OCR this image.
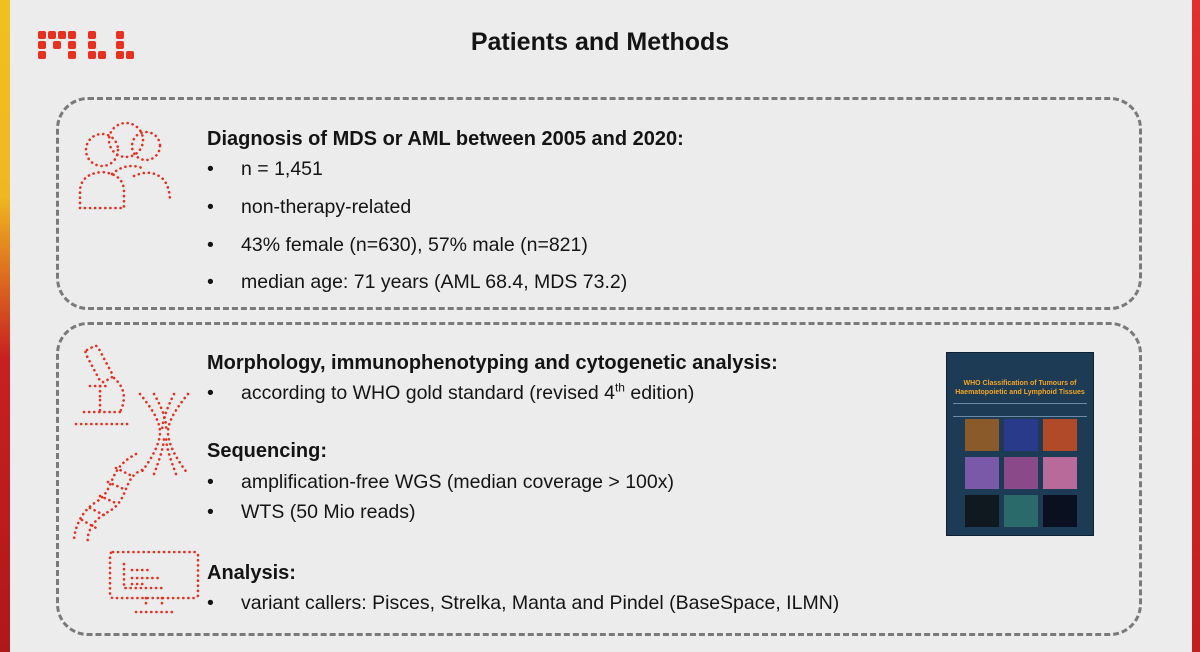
Patients and Methods
Diagnosis of MDS or AML between 2005 and 2020:
• n = 1,451
• non-therapy-related
• 43% female (n=630), 57% male (n=821)
• median age: 71 years (AML 68.4, MDS 73.2)
Morphology, immunophenotyping and cytogenetic analysis:
• according to WHO gold standard (revised 4th edition)
Sequencing:
• amplification-free WGS (median coverage > 100x)
• WTS (50 Mio reads)
Analysis:
• variant callers: Pisces, Strelka, Manta and Pindel (BaseSpace, ILMN)
WHO Classification of Tumours of Haematopoietic and Lymphoid Tissues
